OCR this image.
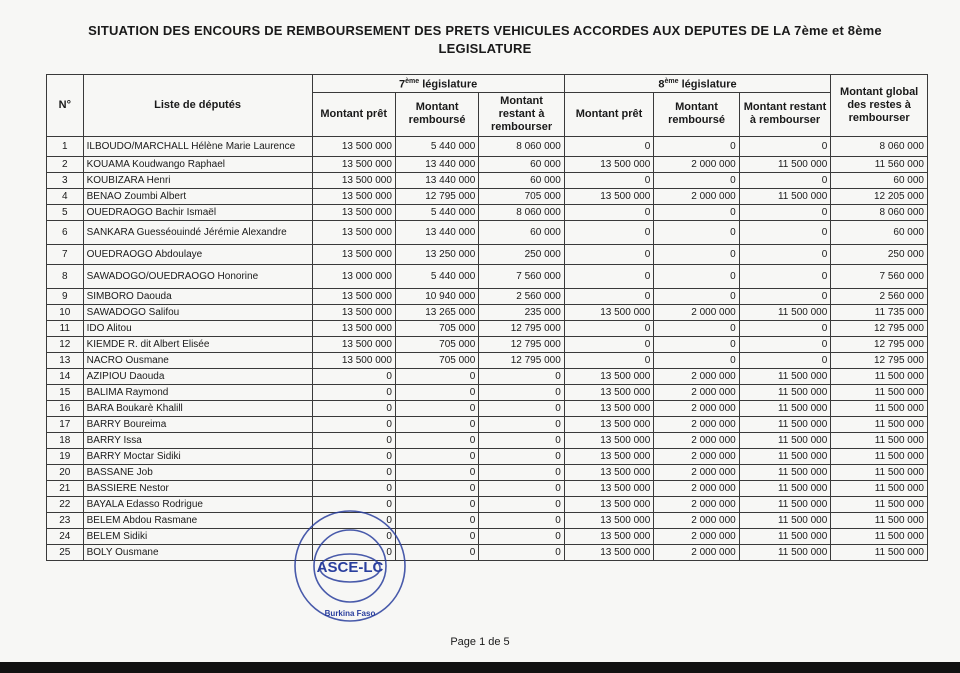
SITUATION DES ENCOURS DE REMBOURSEMENT DES PRETS VEHICULES ACCORDES AUX DEPUTES DE LA 7ème et 8ème
LEGISLATURE
N°	Liste de députés	7ème législature			8ème législature			Montant global des restes à rembourser
		Montant prêt	Montant remboursé	Montant restant à rembourser	Montant prêt	Montant remboursé	Montant restant à rembourser	
1	ILBOUDO/MARCHALL Hélène Marie Laurence	13 500 000	5 440 000	8 060 000	0	0	0	8 060 000
2	KOUAMA Koudwango Raphael	13 500 000	13 440 000	60 000	13 500 000	2 000 000	11 500 000	11 560 000
3	KOUBIZARA Henri	13 500 000	13 440 000	60 000	0	0	0	60 000
4	BENAO Zoumbi Albert	13 500 000	12 795 000	705 000	13 500 000	2 000 000	11 500 000	12 205 000
5	OUEDRAOGO Bachir Ismaël	13 500 000	5 440 000	8 060 000	0	0	0	8 060 000
6	SANKARA Guesséouindé Jérémie Alexandre	13 500 000	13 440 000	60 000	0	0	0	60 000
7	OUEDRAOGO Abdoulaye	13 500 000	13 250 000	250 000	0	0	0	250 000
8	SAWADOGO/OUEDRAOGO Honorine	13 000 000	5 440 000	7 560 000	0	0	0	7 560 000
9	SIMBORO Daouda	13 500 000	10 940 000	2 560 000	0	0	0	2 560 000
10	SAWADOGO Salifou	13 500 000	13 265 000	235 000	13 500 000	2 000 000	11 500 000	11 735 000
11	IDO Alitou	13 500 000	705 000	12 795 000	0	0	0	12 795 000
12	KIEMDE R. dit Albert Elisée	13 500 000	705 000	12 795 000	0	0	0	12 795 000
13	NACRO Ousmane	13 500 000	705 000	12 795 000	0	0	0	12 795 000
14	AZIPIOU Daouda	0	0	0	13 500 000	2 000 000	11 500 000	11 500 000
15	BALIMA Raymond	0	0	0	13 500 000	2 000 000	11 500 000	11 500 000
16	BARA Boukarè Khalill	0	0	0	13 500 000	2 000 000	11 500 000	11 500 000
17	BARRY Boureima	0	0	0	13 500 000	2 000 000	11 500 000	11 500 000
18	BARRY Issa	0	0	0	13 500 000	2 000 000	11 500 000	11 500 000
19	BARRY Moctar Sidiki	0	0	0	13 500 000	2 000 000	11 500 000	11 500 000
20	BASSANE Job	0	0	0	13 500 000	2 000 000	11 500 000	11 500 000
21	BASSIERE Nestor	0	0	0	13 500 000	2 000 000	11 500 000	11 500 000
22	BAYALA Edasso Rodrigue	0	0	0	13 500 000	2 000 000	11 500 000	11 500 000
23	BELEM Abdou Rasmane	0	0	0	13 500 000	2 000 000	11 500 000	11 500 000
24	BELEM Sidiki	0	0	0	13 500 000	2 000 000	11 500 000	11 500 000
25	BOLY Ousmane	0	0	0	13 500 000	2 000 000	11 500 000	11 500 000
ASCE-LC
Burkina Faso
Page 1 de 5
